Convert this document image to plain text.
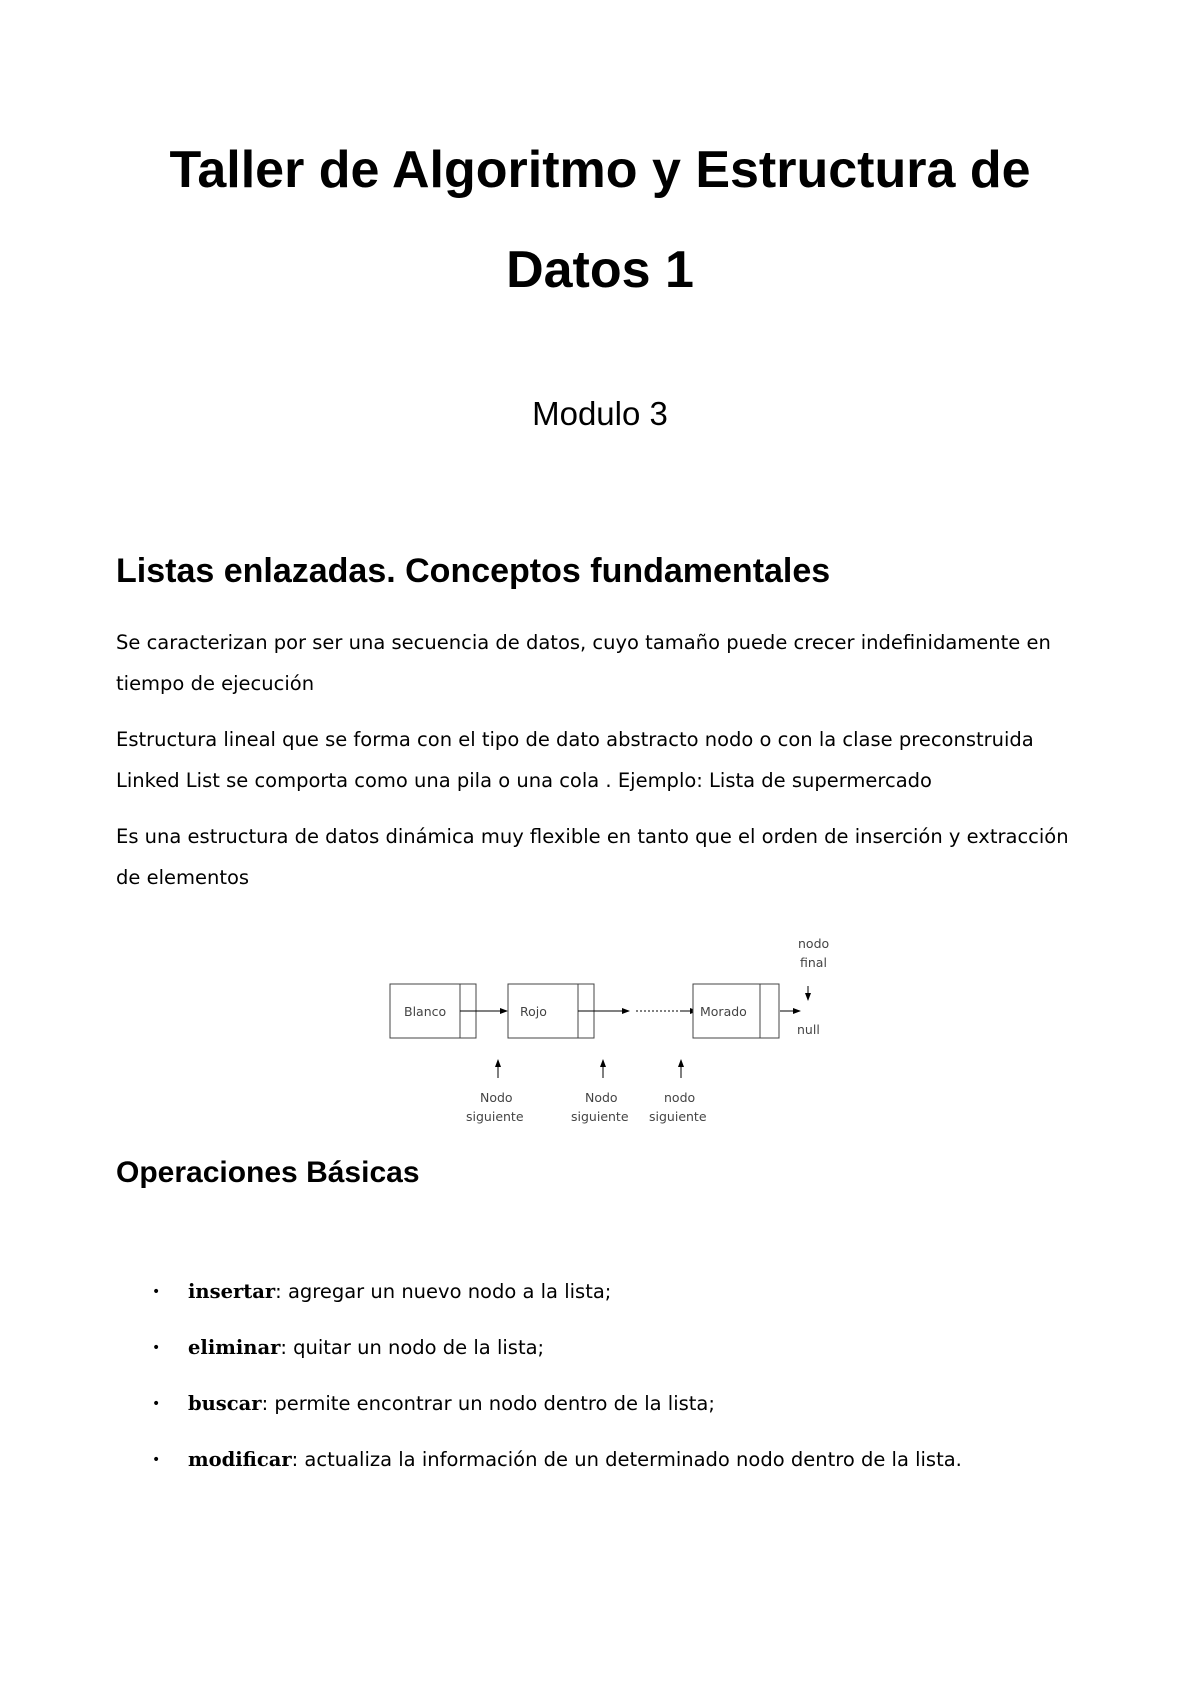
Taller de Algoritmo y Estructura de
Datos 1

Modulo 3

Listas enlazadas. Conceptos fundamentales

Se caracterizan por ser una secuencia de datos, cuyo tamaño puede crecer indefinidamente en tiempo de ejecución

Estructura lineal que se forma con el tipo de dato abstracto nodo o con la clase preconstruida Linked List se comporta como una pila o una cola . Ejemplo: Lista de supermercado

Es una estructura de datos dinámica muy flexible en tanto que el orden de inserción y extracción de elementos

Blanco	Rojo	Morado
nodo
final
null
Nodo
siguiente
Nodo
siguiente
nodo
siguiente
Operaciones Básicas
• insertar: agregar un nuevo nodo a la lista;
• eliminar: quitar un nodo de la lista;
• buscar: permite encontrar un nodo dentro de la lista;
• modificar: actualiza la información de un determinado nodo dentro de la lista.
